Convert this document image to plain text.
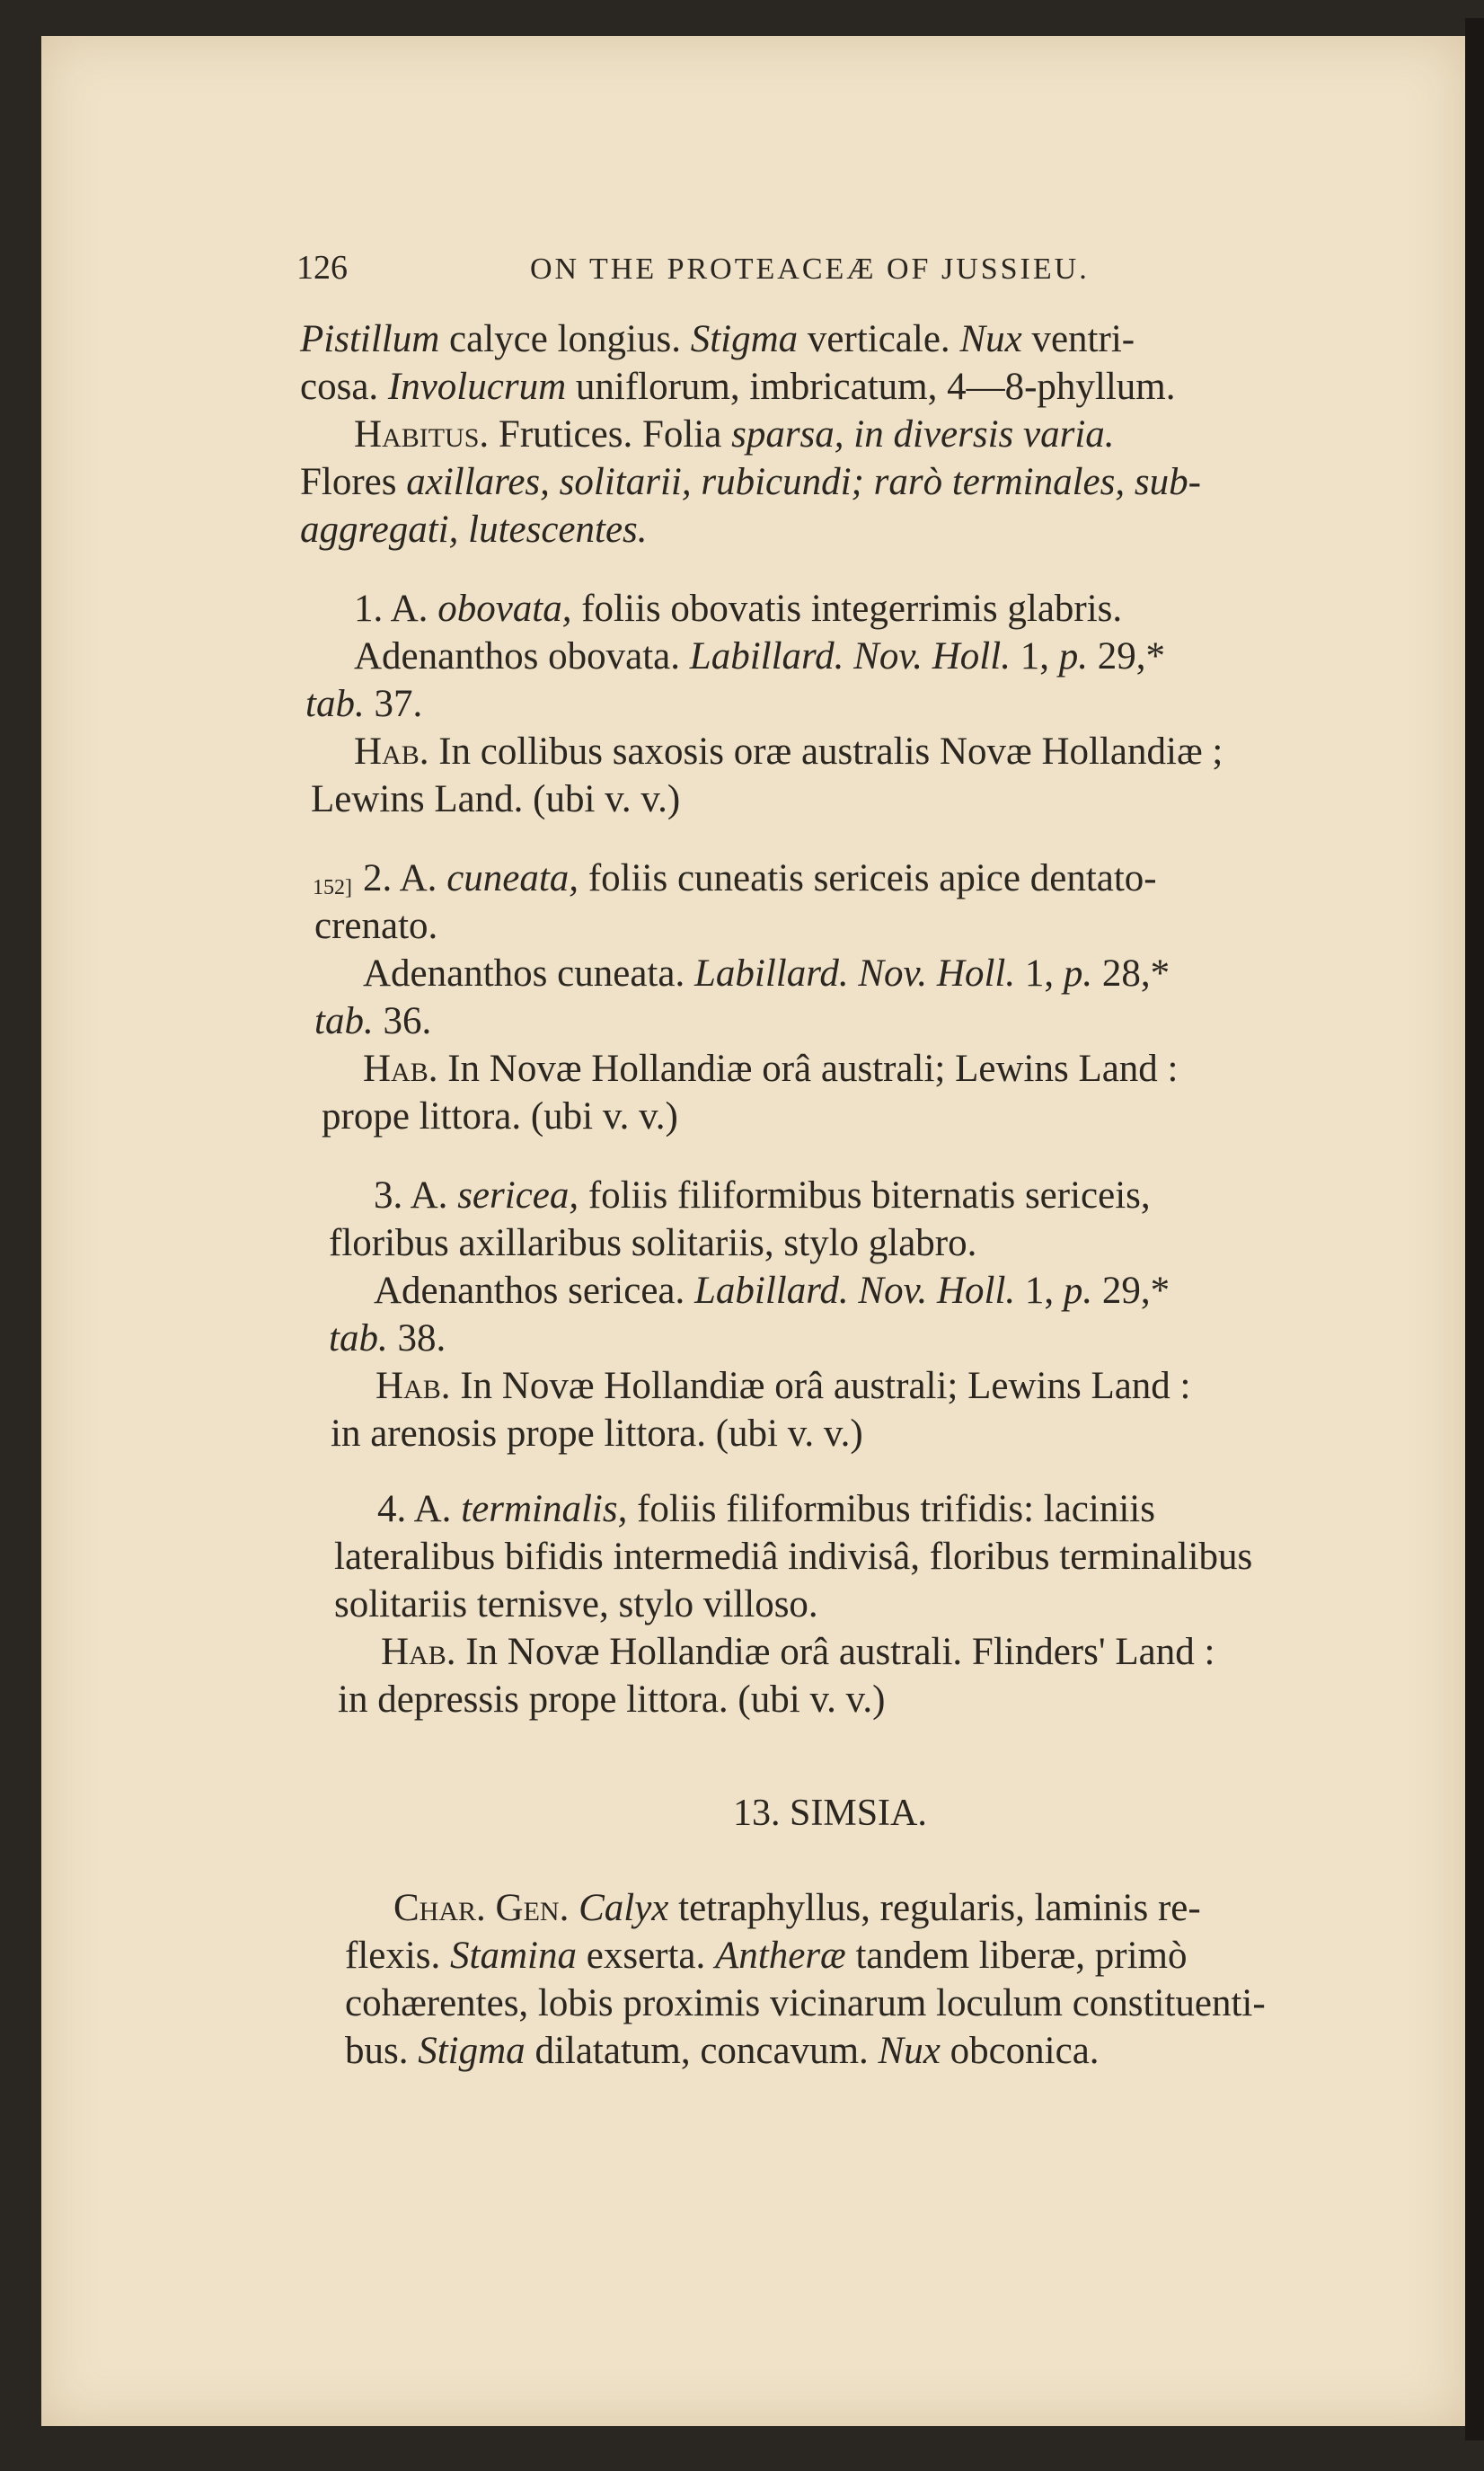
126	ON THE PROTEACEÆ OF JUSSIEU.
Pistillum calyce longius. Stigma verticale. Nux ventri-
cosa. Involucrum uniflorum, imbricatum, 4—8-phyllum.
Habitus. Frutices. Folia sparsa, in diversis varia.
Flores axillares, solitarii, rubicundi; rarò terminales, sub-
aggregati, lutescentes.
1. A. obovata, foliis obovatis integerrimis glabris.
Adenanthos obovata. Labillard. Nov. Holl. 1, p. 29,*
tab. 37.
Hab. In collibus saxosis oræ australis Novæ Hollandiæ ;
Lewins Land. (ubi v. v.)
152] 2. A. cuneata, foliis cuneatis sericeis apice dentato-
crenato.
Adenanthos cuneata. Labillard. Nov. Holl. 1, p. 28,*
tab. 36.
Hab. In Novæ Hollandiæ orâ australi; Lewins Land :
prope littora. (ubi v. v.)
3. A. sericea, foliis filiformibus biternatis sericeis,
floribus axillaribus solitariis, stylo glabro.
Adenanthos sericea. Labillard. Nov. Holl. 1, p. 29,*
tab. 38.
Hab. In Novæ Hollandiæ orâ australi; Lewins Land :
in arenosis prope littora. (ubi v. v.)
4. A. terminalis, foliis filiformibus trifidis: laciniis
lateralibus bifidis intermediâ indivisâ, floribus terminalibus
solitariis ternisve, stylo villoso.
Hab. In Novæ Hollandiæ orâ australi. Flinders' Land :
in depressis prope littora. (ubi v. v.)
13. SIMSIA.
Char. Gen. Calyx tetraphyllus, regularis, laminis re-
flexis. Stamina exserta. Antheræ tandem liberæ, primò
cohærentes, lobis proximis vicinarum loculum constituenti-
bus. Stigma dilatatum, concavum. Nux obconica.
